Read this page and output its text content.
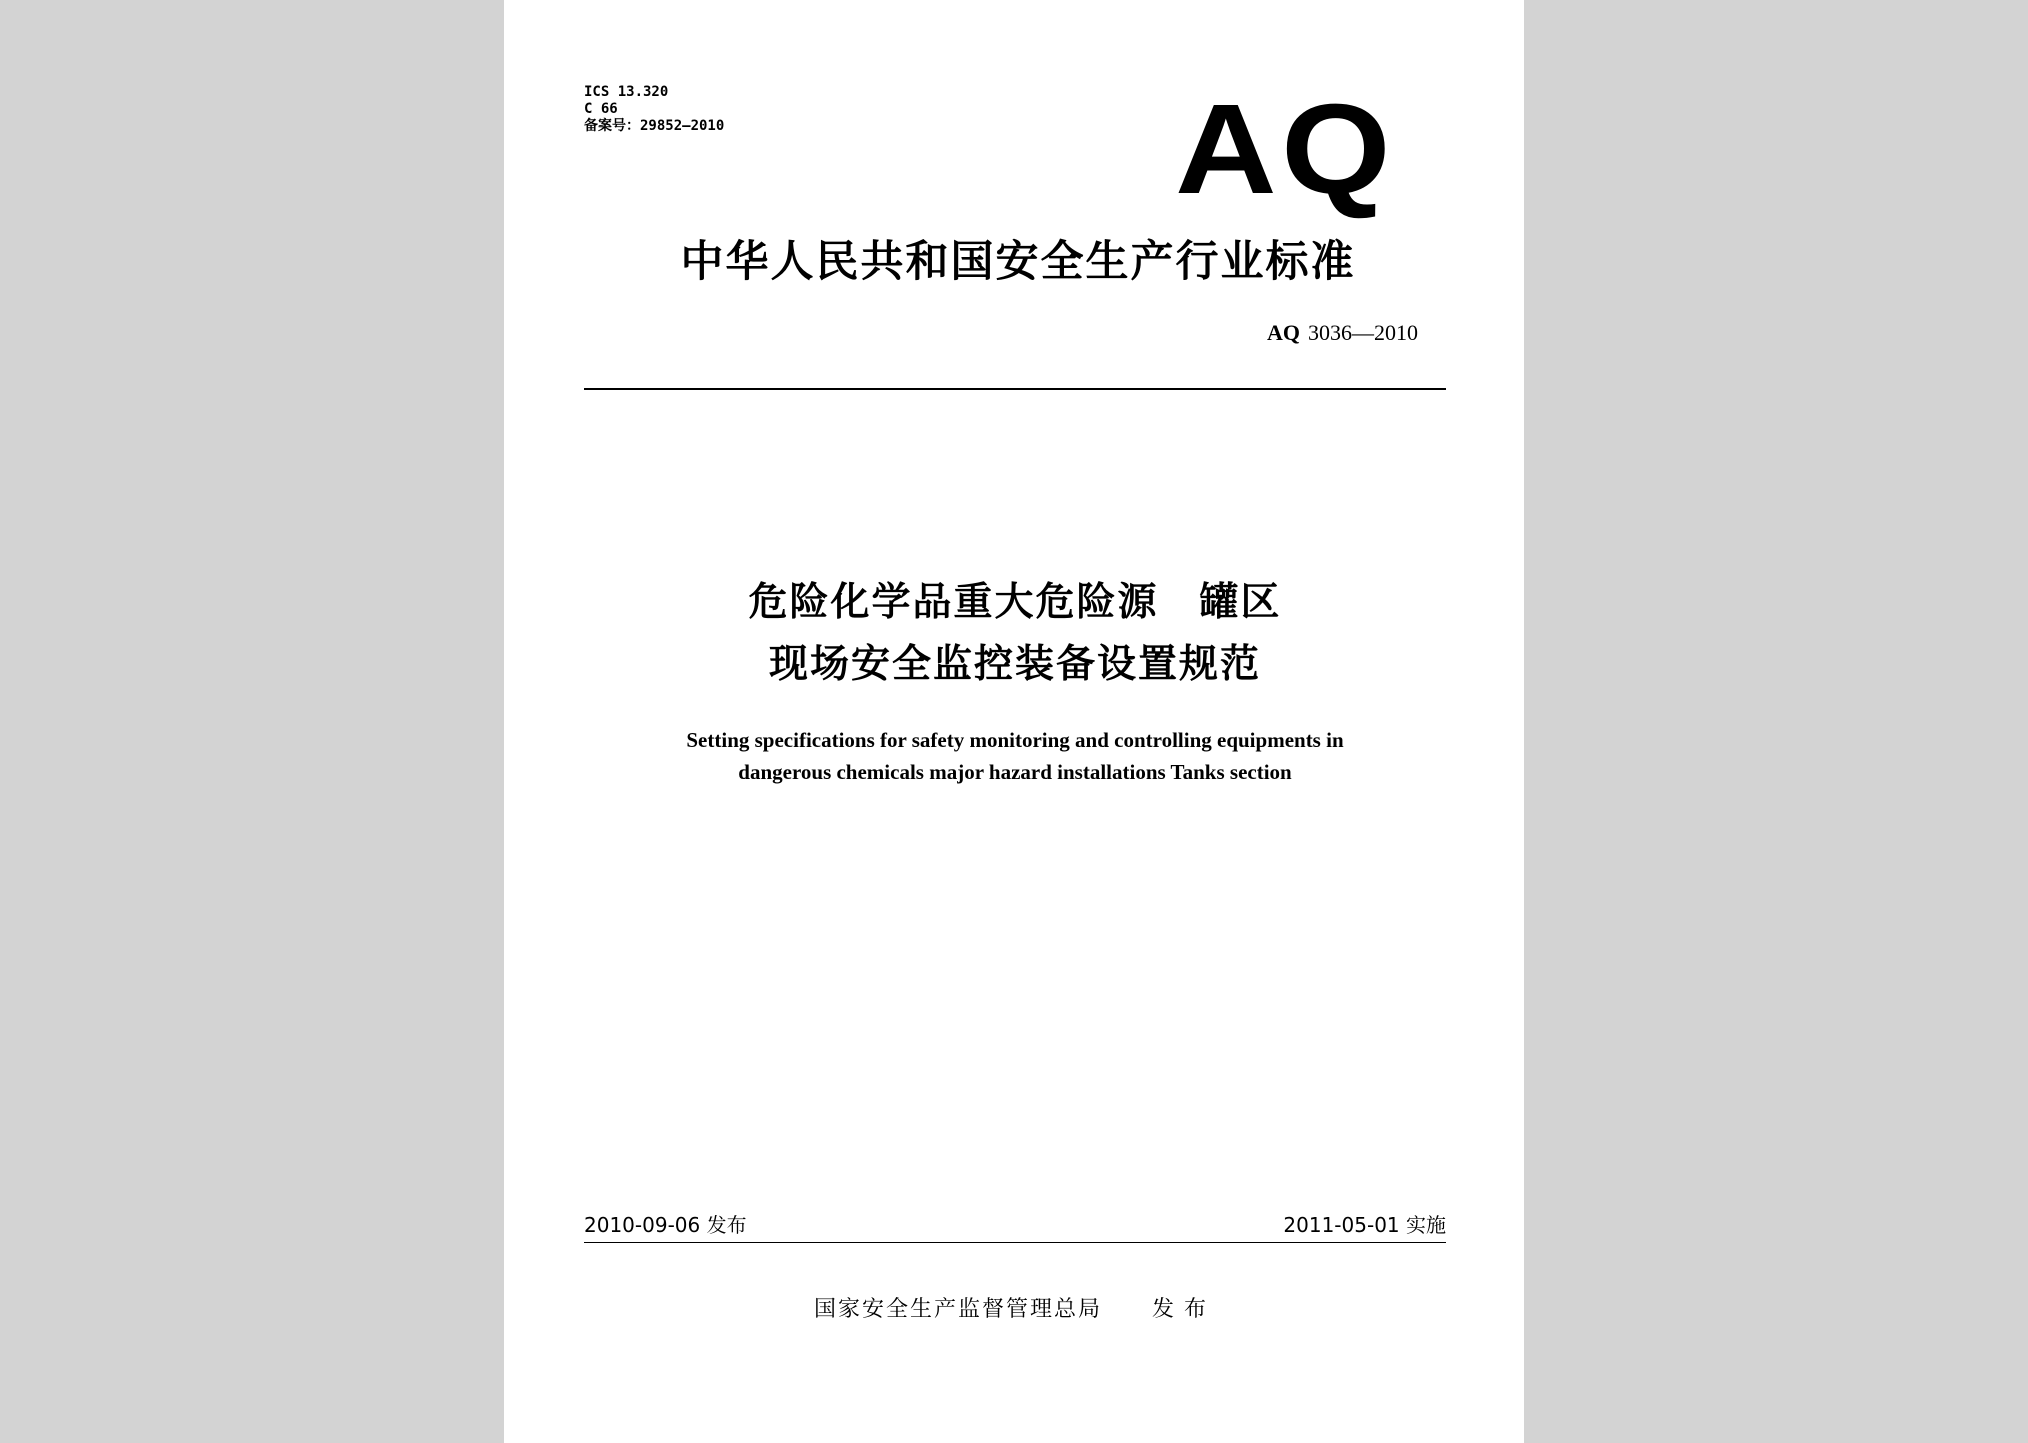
ICS 13.320
C 66
备案号：29852—2010	AQ
中华人民共和国安全生产行业标准
AQ 3036—2010
危险化学品重大危险源　罐区
现场安全监控装备设置规范
Setting specifications for safety monitoring and controlling equipments in
dangerous chemicals major hazard installations Tanks section
2010-09-06 发布	2011-05-01 实施
国家安全生产监督管理总局 发布
